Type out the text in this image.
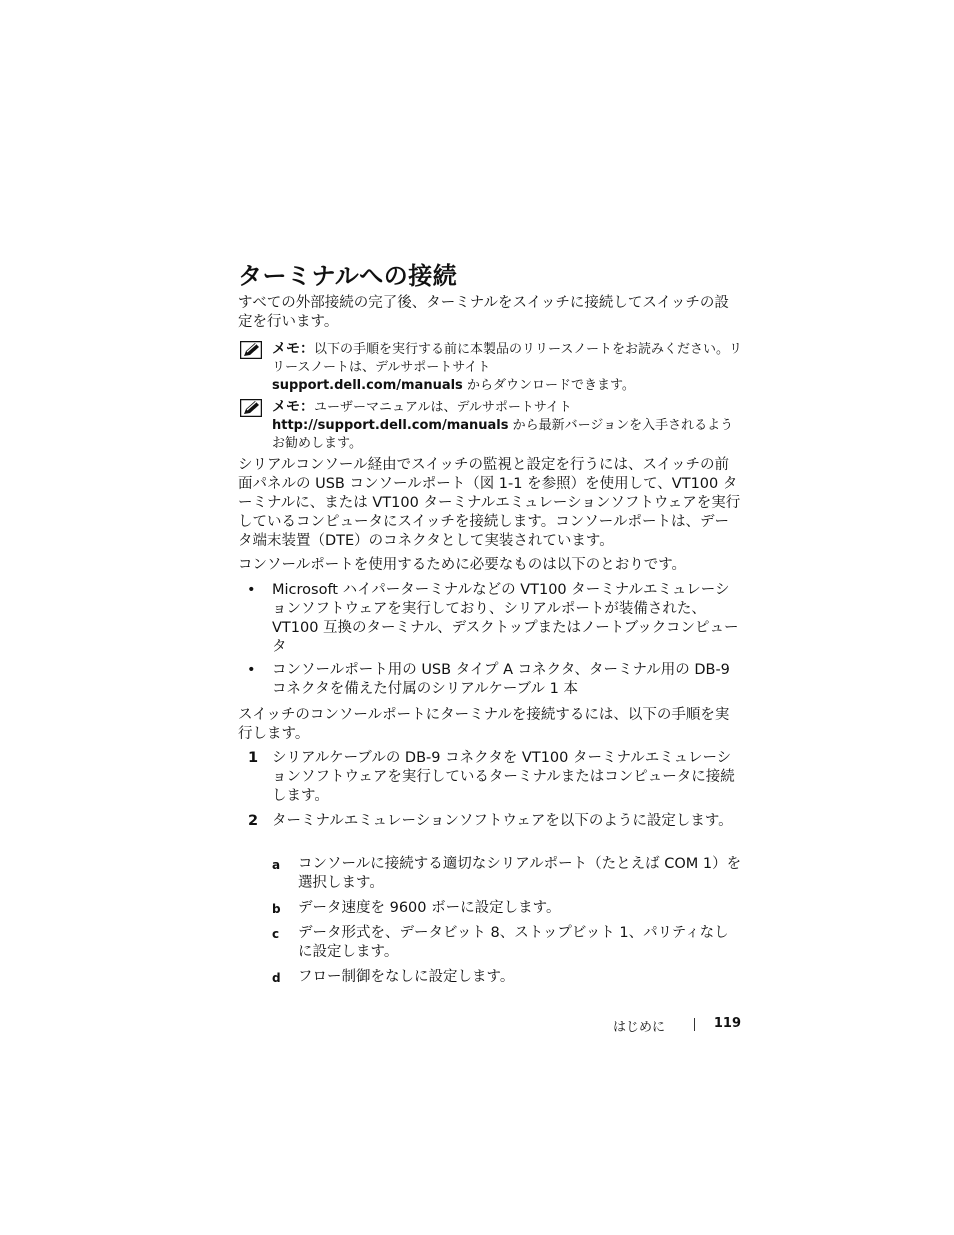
ターミナルへの接続

すべての外部接続の完了後、ターミナルをスイッチに接続してスイッチの設定を行います。

メモ：以下の手順を実行する前に本製品のリリースノートをお読みください。リリースノートは、デルサポートサイト
support.dell.com/manuals からダウンロードできます。
メモ：ユーザーマニュアルは、デルサポートサイト
http://support.dell.com/manuals から最新バージョンを入手されるようお勧めします。

シリアルコンソール経由でスイッチの監視と設定を行うには、スイッチの前面パネルの USB コンソールポート（図 1-1 を参照）を使用して、VT100 ターミナルに、または VT100 ターミナルエミュレーションソフトウェアを実行しているコンピュータにスイッチを接続します。コンソールポートは、データ端末装置（DTE）のコネクタとして実装されています。

コンソールポートを使用するために必要なものは以下のとおりです。

• Microsoft ハイパーターミナルなどの VT100 ターミナルエミュレーションソフトウェアを実行しており、シリアルポートが装備された、VT100 互換のターミナル、デスクトップまたはノートブックコンピュータ
• コンソールポート用の USB タイプ A コネクタ、ターミナル用の DB-9 コネクタを備えた付属のシリアルケーブル 1 本

スイッチのコンソールポートにターミナルを接続するには、以下の手順を実行します。

1 シリアルケーブルの DB-9 コネクタを VT100 ターミナルエミュレーションソフトウェアを実行しているターミナルまたはコンピュータに接続します。
2 ターミナルエミュレーションソフトウェアを以下のように設定します。
a コンソールに接続する適切なシリアルポート（たとえば COM 1）を選択します。
b データ速度を 9600 ボーに設定します。
c データ形式を、データビット 8、ストップビット 1、パリティなしに設定します。
d フロー制御をなしに設定します。
はじめに	119
